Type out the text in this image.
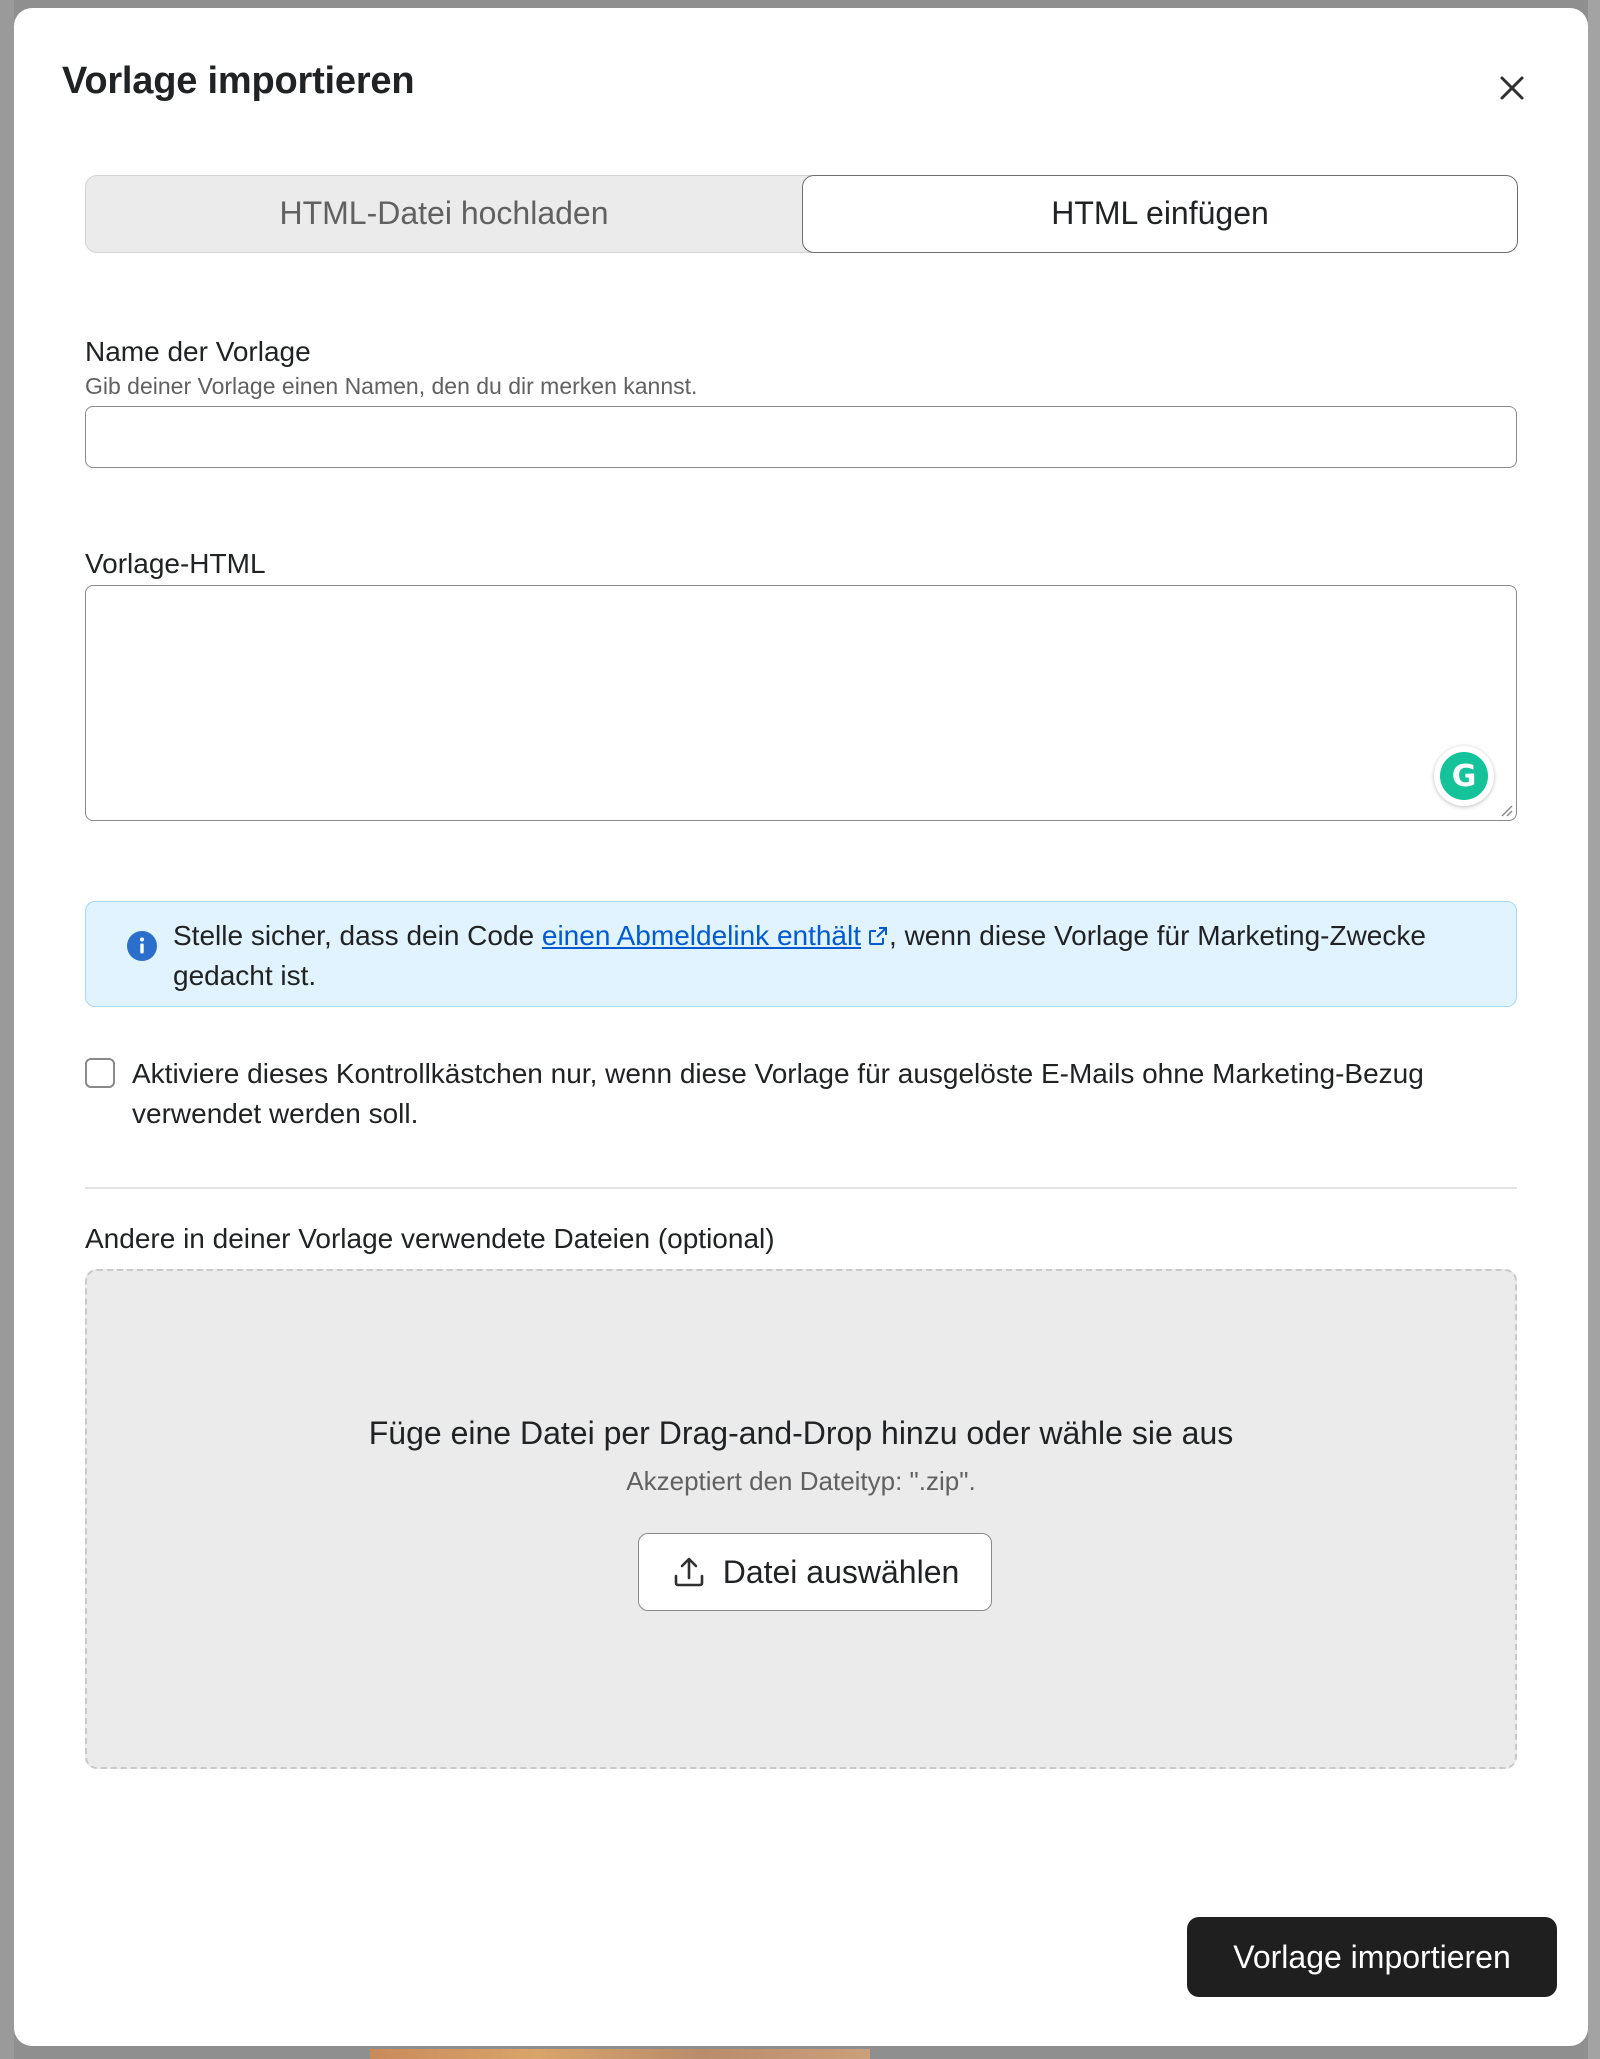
Vorlage importieren
HTML-Datei hochladen	HTML einfügen
Name der Vorlage
Gib deiner Vorlage einen Namen, den du dir merken kannst.
Vorlage-HTML
G
Stelle sicher, dass dein Code einen Abmeldelink enthält , wenn diese Vorlage für Marketing-Zwecke gedacht ist.
Aktiviere dieses Kontrollkästchen nur, wenn diese Vorlage für ausgelöste E-Mails ohne Marketing-Bezug verwendet werden soll.
Andere in deiner Vorlage verwendete Dateien (optional)
Füge eine Datei per Drag-and-Drop hinzu oder wähle sie aus
Akzeptiert den Dateityp: ".zip".
Datei auswählen
Vorlage importieren
